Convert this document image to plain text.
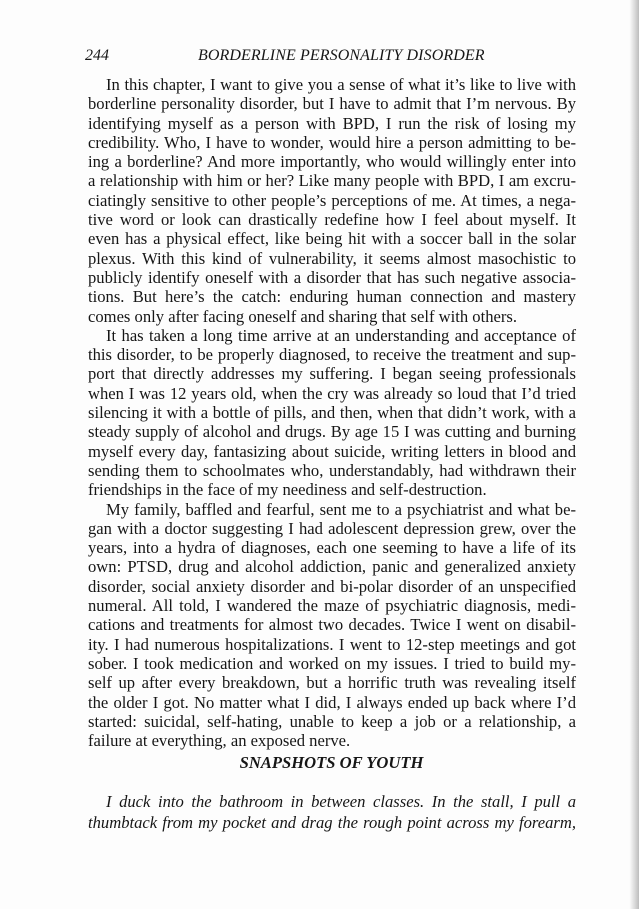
244	BORDERLINE PERSONALITY DISORDER

In this chapter, I want to give you a sense of what it’s like to live with
borderline personality disorder, but I have to admit that I’m nervous. By
identifying myself as a person with BPD, I run the risk of losing my
credibility. Who, I have to wonder, would hire a person admitting to be-
ing a borderline? And more importantly, who would willingly enter into
a relationship with him or her? Like many people with BPD, I am excru-
ciatingly sensitive to other people’s perceptions of me. At times, a nega-
tive word or look can drastically redefine how I feel about myself. It
even has a physical effect, like being hit with a soccer ball in the solar
plexus. With this kind of vulnerability, it seems almost masochistic to
publicly identify oneself with a disorder that has such negative associa-
tions. But here’s the catch: enduring human connection and mastery
comes only after facing oneself and sharing that self with others.
It has taken a long time arrive at an understanding and acceptance of
this disorder, to be properly diagnosed, to receive the treatment and sup-
port that directly addresses my suffering. I began seeing professionals
when I was 12 years old, when the cry was already so loud that I’d tried
silencing it with a bottle of pills, and then, when that didn’t work, with a
steady supply of alcohol and drugs. By age 15 I was cutting and burning
myself every day, fantasizing about suicide, writing letters in blood and
sending them to schoolmates who, understandably, had withdrawn their
friendships in the face of my neediness and self-destruction.
My family, baffled and fearful, sent me to a psychiatrist and what be-
gan with a doctor suggesting I had adolescent depression grew, over the
years, into a hydra of diagnoses, each one seeming to have a life of its
own: PTSD, drug and alcohol addiction, panic and generalized anxiety
disorder, social anxiety disorder and bi-polar disorder of an unspecified
numeral. All told, I wandered the maze of psychiatric diagnosis, medi-
cations and treatments for almost two decades. Twice I went on disabil-
ity. I had numerous hospitalizations. I went to 12-step meetings and got
sober. I took medication and worked on my issues. I tried to build my-
self up after every breakdown, but a horrific truth was revealing itself
the older I got. No matter what I did, I always ended up back where I’d
started: suicidal, self-hating, unable to keep a job or a relationship, a
failure at everything, an exposed nerve.
SNAPSHOTS OF YOUTH
I duck into the bathroom in between classes. In the stall, I pull a
thumbtack from my pocket and drag the rough point across my forearm,
